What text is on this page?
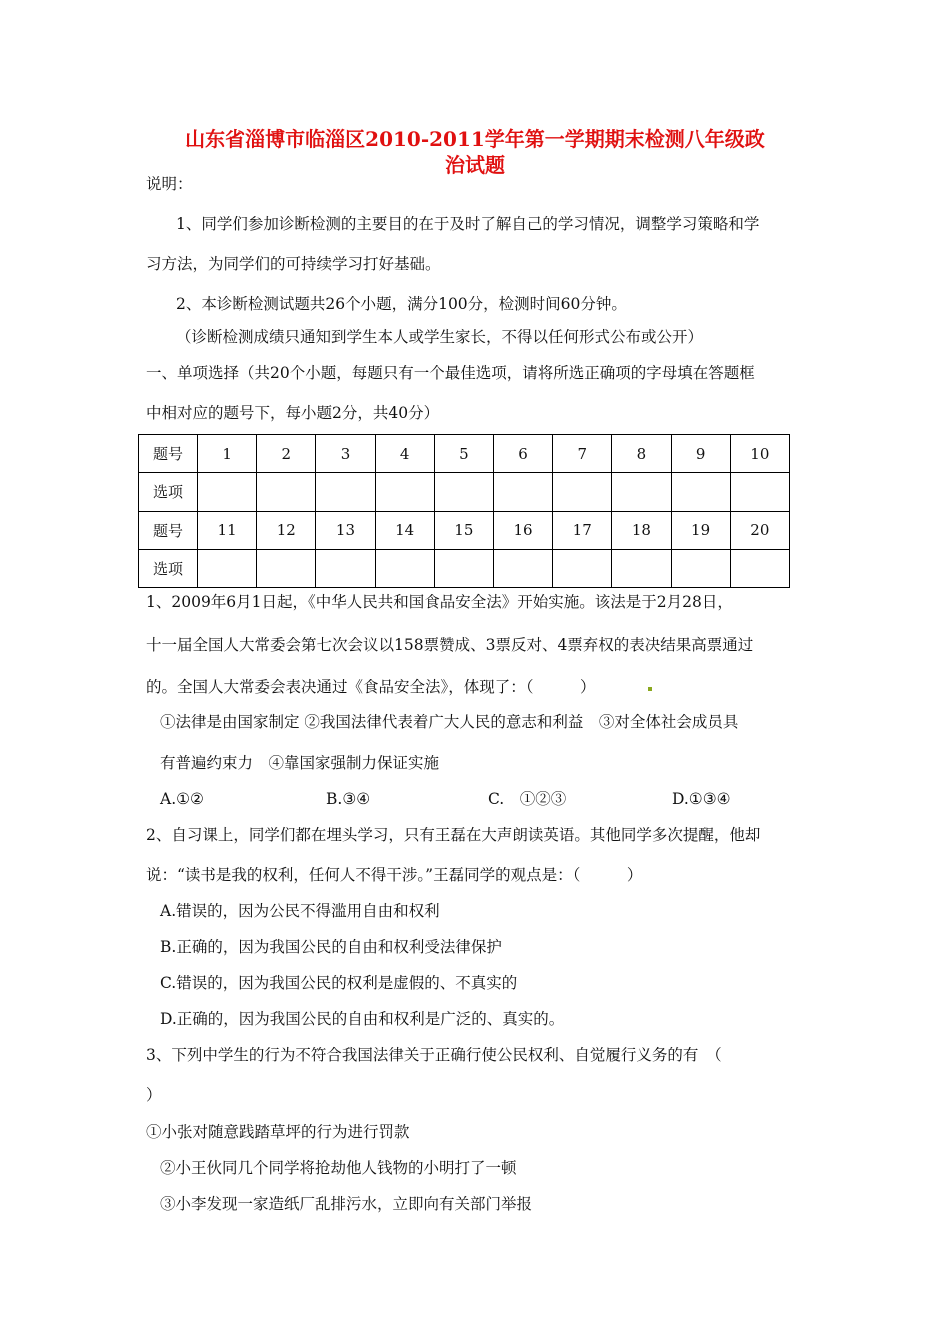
山东省淄博市临淄区2010-2011学年第一学期期末检测八年级政
治试题
说明：
1、同学们参加诊断检测的主要目的在于及时了解自己的学习情况，调整学习策略和学
习方法，为同学们的可持续学习打好基础。
2、本诊断检测试题共26个小题，满分100分，检测时间60分钟。
（诊断检测成绩只通知到学生本人或学生家长，不得以任何形式公布或公开）
一、单项选择（共20个小题，每题只有一个最佳选项，请将所选正确项的字母填在答题框
中相对应的题号下，每小题2分，共40分）
题号	1	2	3	4	5	6	7	8	9	10
选项										
题号	11	12	13	14	15	16	17	18	19	20
选项										
1、2009年6月1日起，《中华人民共和国食品安全法》开始实施。该法是于2月28日，
十一届全国人大常委会第七次会议以158票赞成、3票反对、4票弃权的表决结果高票通过
的。全国人大常委会表决通过《食品安全法》，体现了：（　　　）
①法律是由国家制定 ②我国法律代表着广大人民的意志和利益　③对全体社会成员具
有普遍约束力　④靠国家强制力保证实施
A.①②	B.③④	C.　①②③	D.①③④
2、自习课上，同学们都在埋头学习，只有王磊在大声朗读英语。其他同学多次提醒，他却
说：“读书是我的权利，任何人不得干涉。”王磊同学的观点是：（　　　）
A.错误的，因为公民不得滥用自由和权利
B.正确的，因为我国公民的自由和权利受法律保护
C.错误的，因为我国公民的权利是虚假的、不真实的
D.正确的，因为我国公民的自由和权利是广泛的、真实的。
3、下列中学生的行为不符合我国法律关于正确行使公民权利、自觉履行义务的有　（
）
①小张对随意践踏草坪的行为进行罚款
②小王伙同几个同学将抢劫他人钱物的小明打了一顿
③小李发现一家造纸厂乱排污水，立即向有关部门举报
